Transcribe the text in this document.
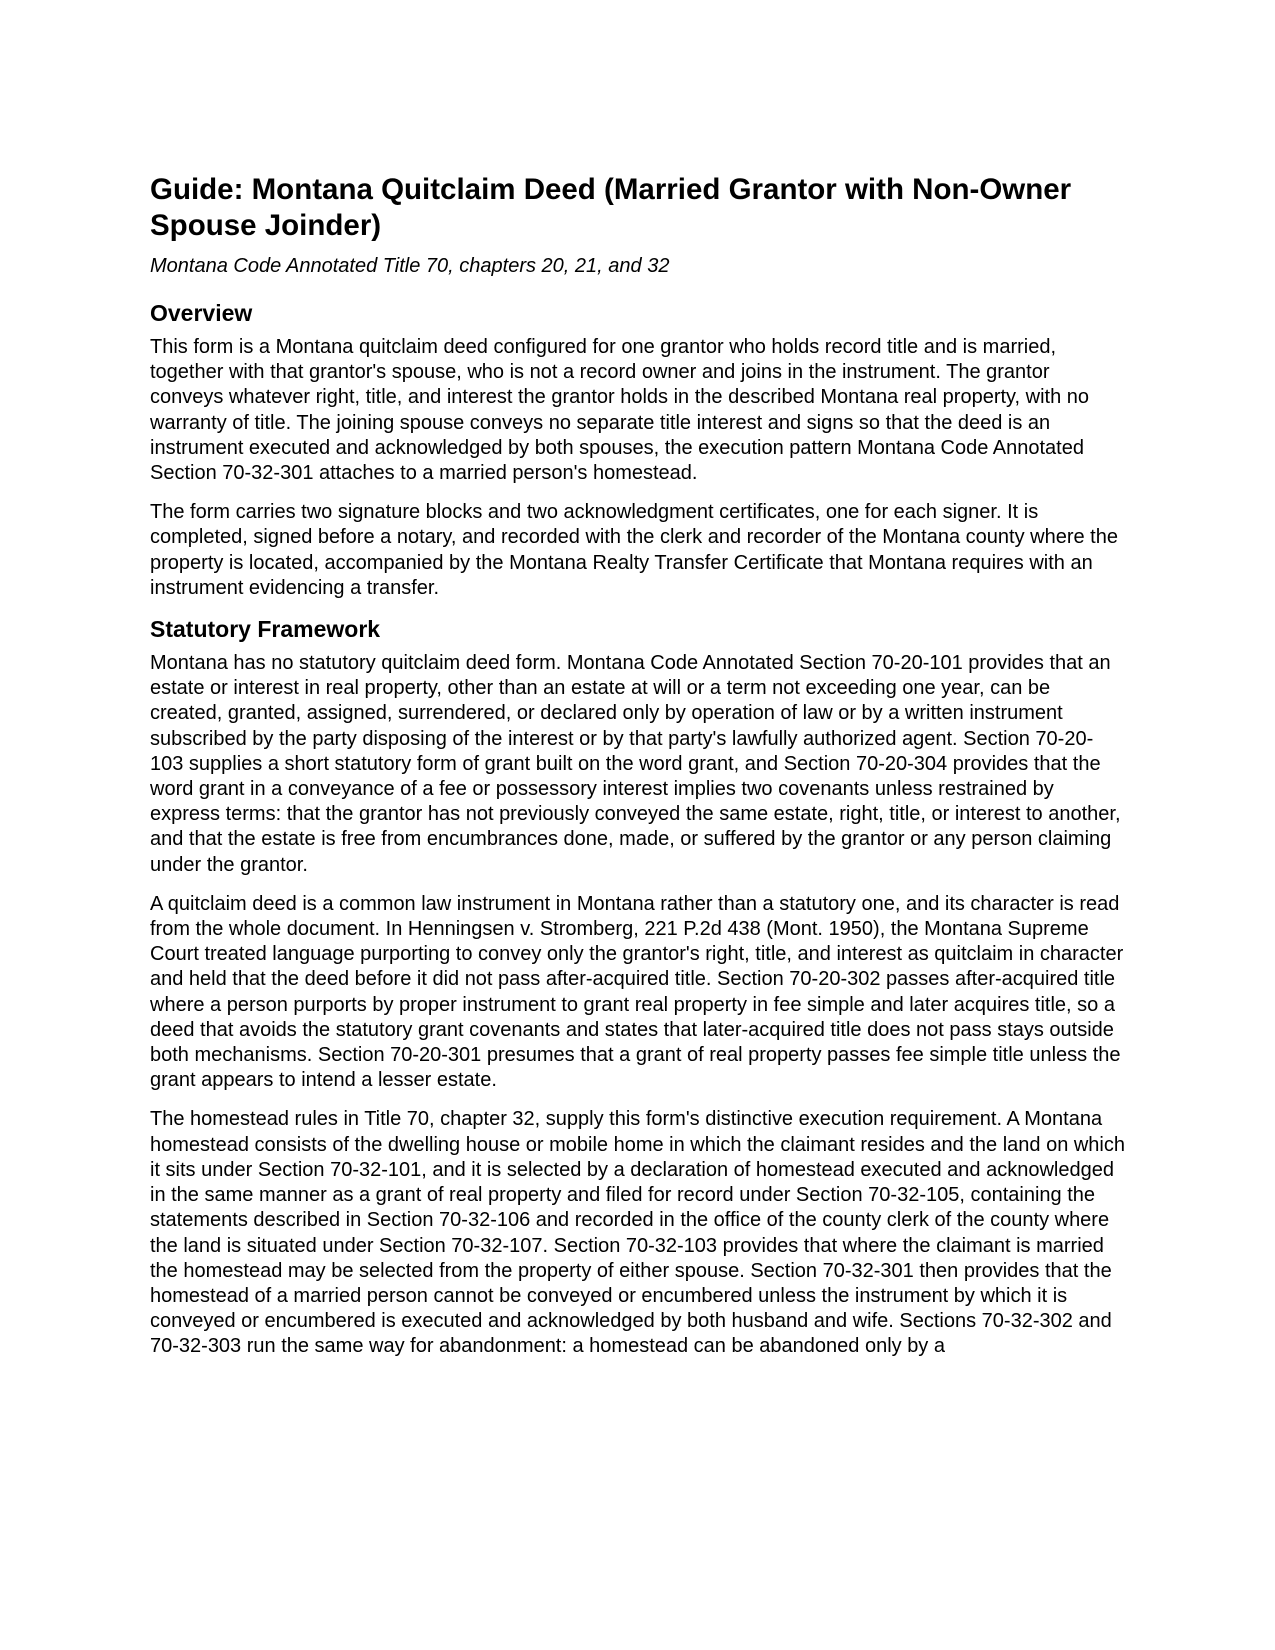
Guide: Montana Quitclaim Deed (Married Grantor with Non-Owner Spouse Joinder)
Montana Code Annotated Title 70, chapters 20, 21, and 32
Overview

This form is a Montana quitclaim deed configured for one grantor who holds record title and is married, together with that grantor's spouse, who is not a record owner and joins in the instrument. The grantor conveys whatever right, title, and interest the grantor holds in the described Montana real property, with no warranty of title. The joining spouse conveys no separate title interest and signs so that the deed is an instrument executed and acknowledged by both spouses, the execution pattern Montana Code Annotated Section 70-32-301 attaches to a married person's homestead.

The form carries two signature blocks and two acknowledgment certificates, one for each signer. It is completed, signed before a notary, and recorded with the clerk and recorder of the Montana county where the property is located, accompanied by the Montana Realty Transfer Certificate that Montana requires with an instrument evidencing a transfer.

Statutory Framework

Montana has no statutory quitclaim deed form. Montana Code Annotated Section 70-20-101 provides that an estate or interest in real property, other than an estate at will or a term not exceeding one year, can be created, granted, assigned, surrendered, or declared only by operation of law or by a written instrument subscribed by the party disposing of the interest or by that party's lawfully authorized agent. Section 70-20-103 supplies a short statutory form of grant built on the word grant, and Section 70-20-304 provides that the word grant in a conveyance of a fee or possessory interest implies two covenants unless restrained by express terms: that the grantor has not previously conveyed the same estate, right, title, or interest to another, and that the estate is free from encumbrances done, made, or suffered by the grantor or any person claiming under the grantor.

A quitclaim deed is a common law instrument in Montana rather than a statutory one, and its character is read from the whole document. In Henningsen v. Stromberg, 221 P.2d 438 (Mont. 1950), the Montana Supreme Court treated language purporting to convey only the grantor's right, title, and interest as quitclaim in character and held that the deed before it did not pass after-acquired title. Section 70-20-302 passes after-acquired title where a person purports by proper instrument to grant real property in fee simple and later acquires title, so a deed that avoids the statutory grant covenants and states that later-acquired title does not pass stays outside both mechanisms. Section 70-20-301 presumes that a grant of real property passes fee simple title unless the grant appears to intend a lesser estate.

The homestead rules in Title 70, chapter 32, supply this form's distinctive execution requirement. A Montana homestead consists of the dwelling house or mobile home in which the claimant resides and the land on which it sits under Section 70-32-101, and it is selected by a declaration of homestead executed and acknowledged in the same manner as a grant of real property and filed for record under Section 70-32-105, containing the statements described in Section 70-32-106 and recorded in the office of the county clerk of the county where the land is situated under Section 70-32-107. Section 70-32-103 provides that where the claimant is married the homestead may be selected from the property of either spouse. Section 70-32-301 then provides that the homestead of a married person cannot be conveyed or encumbered unless the instrument by which it is conveyed or encumbered is executed and acknowledged by both husband and wife. Sections 70-32-302 and 70-32-303 run the same way for abandonment: a homestead can be abandoned only by a
